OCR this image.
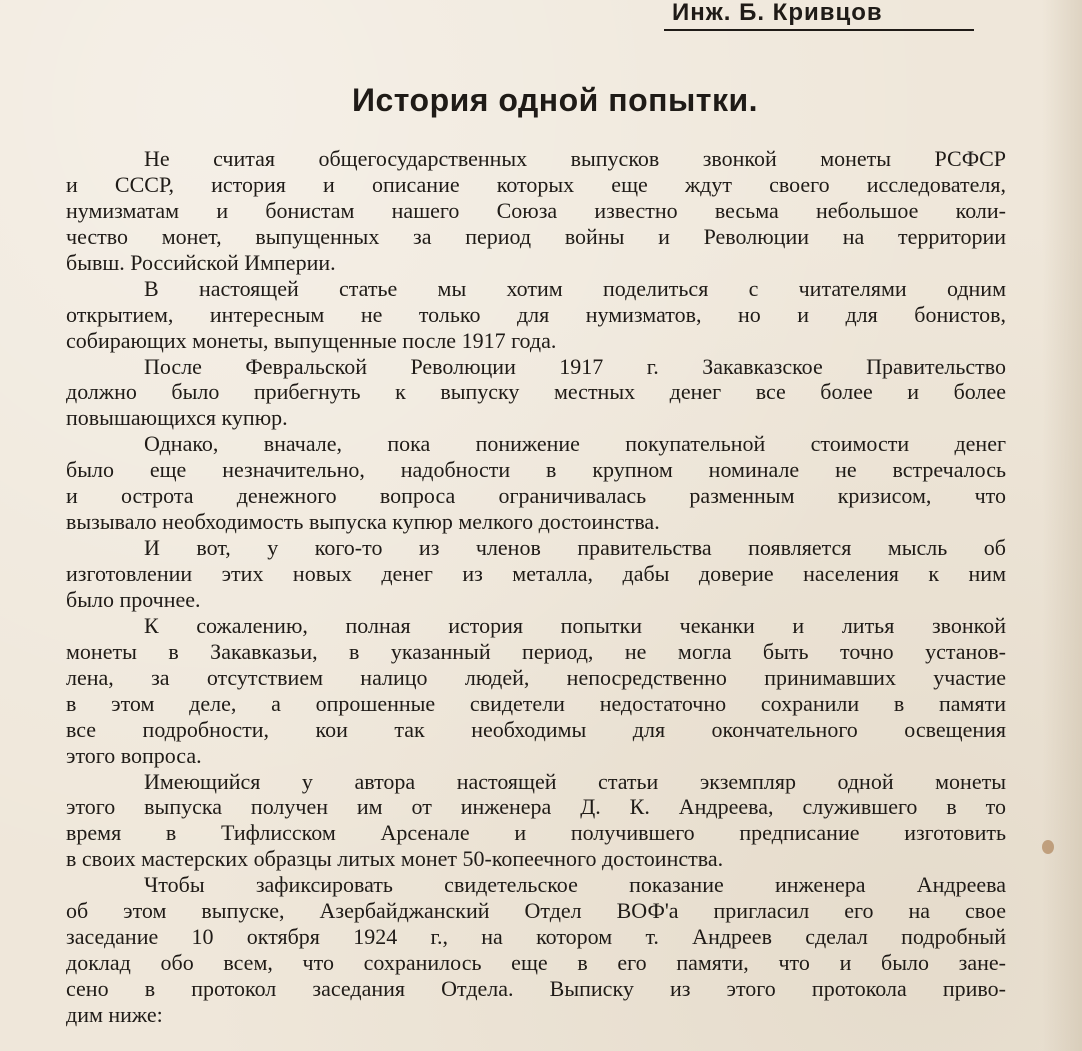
Инж. Б. Кривцов
История одной попытки.
Не считая общегосударственных выпусков звонкой монеты РСФСР
и СССР, история и описание которых еще ждут своего исследователя,
нумизматам и бонистам нашего Союза известно весьма небольшое коли-
чество монет, выпущенных за период войны и Революции на территории
бывш. Российской Империи.
В настоящей статье мы хотим поделиться с читателями одним
открытием, интересным не только для нумизматов, но и для бонистов,
собирающих монеты, выпущенные после 1917 года.
После Февральской Революции 1917 г. Закавказское Правительство
должно было прибегнуть к выпуску местных денег все более и более
повышающихся купюр.
Однако, вначале, пока понижение покупательной стоимости денег
было еще незначительно, надобности в крупном номинале не встречалось
и острота денежного вопроса ограничивалась разменным кризисом, что
вызывало необходимость выпуска купюр мелкого достоинства.
И вот, у кого-то из членов правительства появляется мысль об
изготовлении этих новых денег из металла, дабы доверие населения к ним
было прочнее.
К сожалению, полная история попытки чеканки и литья звонкой
монеты в Закавказьи, в указанный период, не могла быть точно установ-
лена, за отсутствием налицо людей, непосредственно принимавших участие
в этом деле, а опрошенные свидетели недостаточно сохранили в памяти
все подробности, кои так необходимы для окончательного освещения
этого вопроса.
Имеющийся у автора настоящей статьи экземпляр одной монеты
этого выпуска получен им от инженера Д. К. Андреева, служившего в то
время в Тифлисском Арсенале и получившего предписание изготовить
в своих мастерских образцы литых монет 50-копеечного достоинства.
Чтобы зафиксировать свидетельское показание инженера Андреева
об этом выпуске, Азербайджанский Отдел ВОФ'а пригласил его на свое
заседание 10 октября 1924 г., на котором т. Андреев сделал подробный
доклад обо всем, что сохранилось еще в его памяти, что и было зане-
сено в протокол заседания Отдела. Выписку из этого протокола приво-
дим ниже:
